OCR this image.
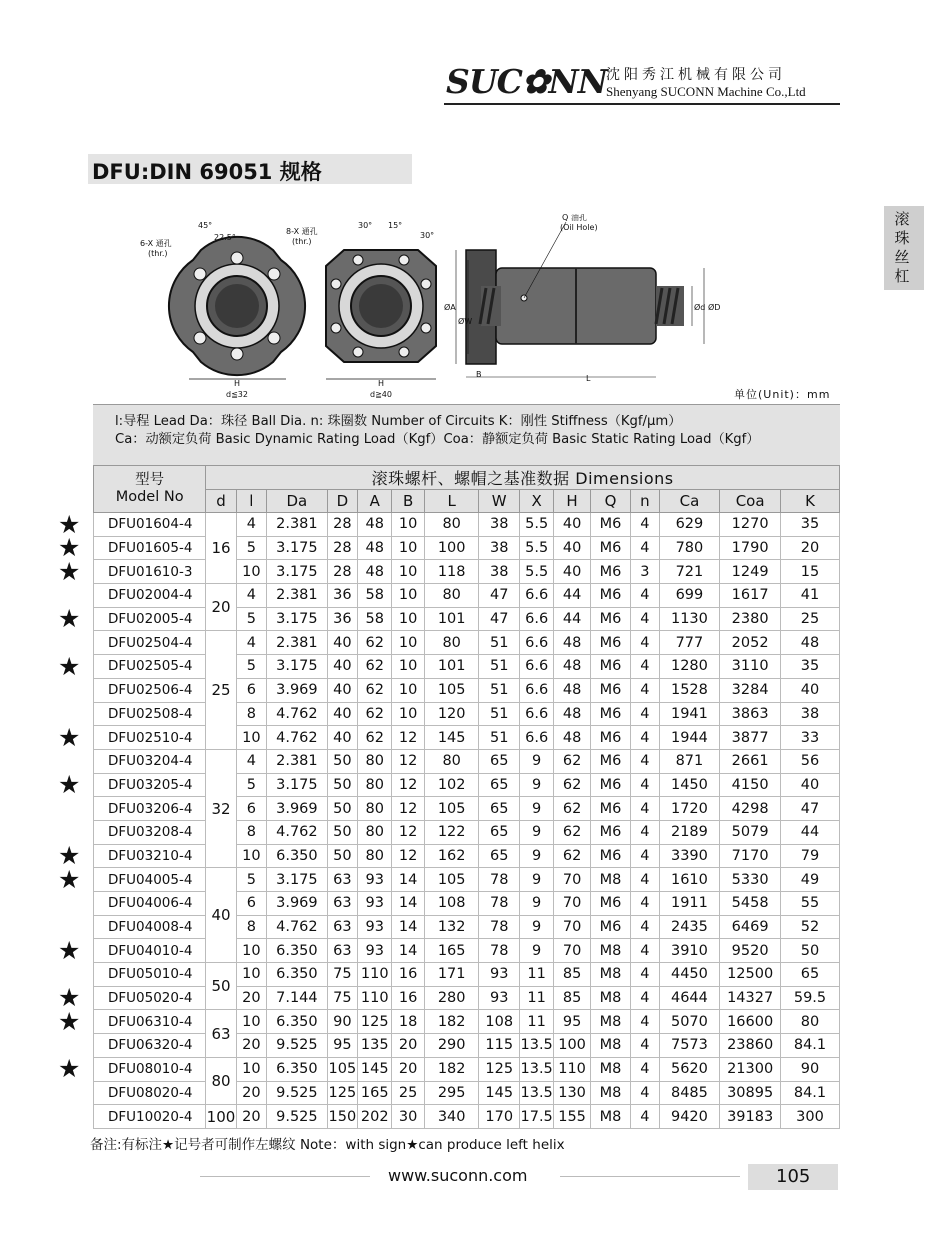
SUC✿NN 沈阳秀江机械有限公司
Shenyang SUCONN Machine Co.,Ltd
DFU:DIN 69051 规格
滚珠丝杠
6-X 通孔
(thr.)
45°
22.5°
H
d≦32
8-X 通孔
(thr.)
30° 15°
30°
H
d≧40
Q 油孔
(Oil Hole)
ØA
ØW
Ød ØD
B	L
单位(Unit)：mm
l:导程 Lead Da：珠径 Ball Dia. n: 珠圈数 Number of Circuits K：刚性 Stiffness（Kgf/μm）
Ca：动额定负荷 Basic Dynamic Rating Load（Kgf）Coa：静额定负荷 Basic Static Rating Load（Kgf）
型号
Model No	滚珠螺杆、螺帽之基准数据 Dimensions														
	d	l	Da	D	A	B	L	W	X	H	Q	n	Ca	Coa	K
DFU01604-4	16	4	2.381	28	48	10	80	38	5.5	40	M6	4	629	1270	35
DFU01605-4		5	3.175	28	48	10	100	38	5.5	40	M6	4	780	1790	20
DFU01610-3		10	3.175	28	48	10	118	38	5.5	40	M6	3	721	1249	15
DFU02004-4	20	4	2.381	36	58	10	80	47	6.6	44	M6	4	699	1617	41
DFU02005-4		5	3.175	36	58	10	101	47	6.6	44	M6	4	1130	2380	25
DFU02504-4	25	4	2.381	40	62	10	80	51	6.6	48	M6	4	777	2052	48
DFU02505-4		5	3.175	40	62	10	101	51	6.6	48	M6	4	1280	3110	35
DFU02506-4		6	3.969	40	62	10	105	51	6.6	48	M6	4	1528	3284	40
DFU02508-4		8	4.762	40	62	10	120	51	6.6	48	M6	4	1941	3863	38
DFU02510-4		10	4.762	40	62	12	145	51	6.6	48	M6	4	1944	3877	33
DFU03204-4	32	4	2.381	50	80	12	80	65	9	62	M6	4	871	2661	56
DFU03205-4		5	3.175	50	80	12	102	65	9	62	M6	4	1450	4150	40
DFU03206-4		6	3.969	50	80	12	105	65	9	62	M6	4	1720	4298	47
DFU03208-4		8	4.762	50	80	12	122	65	9	62	M6	4	2189	5079	44
DFU03210-4		10	6.350	50	80	12	162	65	9	62	M6	4	3390	7170	79
DFU04005-4	40	5	3.175	63	93	14	105	78	9	70	M8	4	1610	5330	49
DFU04006-4		6	3.969	63	93	14	108	78	9	70	M6	4	1911	5458	55
DFU04008-4		8	4.762	63	93	14	132	78	9	70	M6	4	2435	6469	52
DFU04010-4		10	6.350	63	93	14	165	78	9	70	M8	4	3910	9520	50
DFU05010-4	50	10	6.350	75	110	16	171	93	11	85	M8	4	4450	12500	65
DFU05020-4		20	7.144	75	110	16	280	93	11	85	M8	4	4644	14327	59.5
DFU06310-4	63	10	6.350	90	125	18	182	108	11	95	M8	4	5070	16600	80
DFU06320-4		20	9.525	95	135	20	290	115	13.5	100	M8	4	7573	23860	84.1
DFU08010-4	80	10	6.350	105	145	20	182	125	13.5	110	M8	4	5620	21300	90
DFU08020-4		20	9.525	125	165	25	295	145	13.5	130	M8	4	8485	30895	84.1
DFU10020-4	100	20	9.525	150	202	30	340	170	17.5	155	M8	4	9420	39183	300
★
★
★
★
★
★
★
★
★
★
★
★
★
备注:有标注★记号者可制作左螺纹 Note：with sign★can produce left helix
www.suconn.com	105
